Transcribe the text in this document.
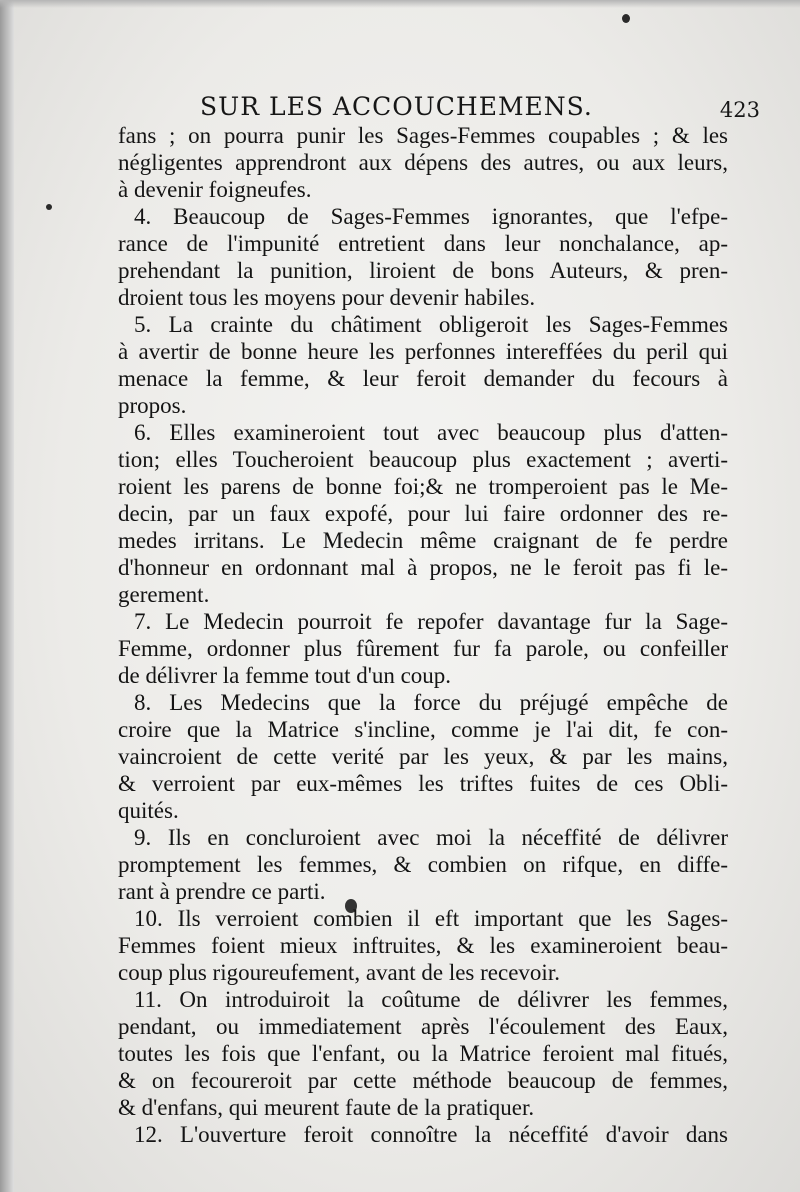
SUR LES ACCOUCHEMENS.	423
fans ; on pourra punir les Sages-Femmes coupables ; & les
négligentes apprendront aux dépens des autres, ou aux leurs,
à devenir foigneufes.
4. Beaucoup de Sages-Femmes ignorantes, que l'efpe-
rance de l'impunité entretient dans leur nonchalance, ap-
prehendant la punition, liroient de bons Auteurs, & pren-
droient tous les moyens pour devenir habiles.
5. La crainte du châtiment obligeroit les Sages-Femmes
à avertir de bonne heure les perfonnes intereffées du peril qui
menace la femme, & leur feroit demander du fecours à
propos.
6. Elles examineroient tout avec beaucoup plus d'atten-
tion; elles Toucheroient beaucoup plus exactement ; averti-
roient les parens de bonne foi;& ne tromperoient pas le Me-
decin, par un faux expofé, pour lui faire ordonner des re-
medes irritans. Le Medecin même craignant de fe perdre
d'honneur en ordonnant mal à propos, ne le feroit pas fi le-
gerement.
7. Le Medecin pourroit fe repofer davantage fur la Sage-
Femme, ordonner plus fûrement fur fa parole, ou confeiller
de délivrer la femme tout d'un coup.
8. Les Medecins que la force du préjugé empêche de
croire que la Matrice s'incline, comme je l'ai dit, fe con-
vaincroient de cette verité par les yeux, & par les mains,
& verroient par eux-mêmes les triftes fuites de ces Obli-
quités.
9. Ils en concluroient avec moi la néceffité de délivrer
promptement les femmes, & combien on rifque, en diffe-
rant à prendre ce parti.
10. Ils verroient combien il eft important que les Sages-
Femmes foient mieux inftruites, & les examineroient beau-
coup plus rigoureufement, avant de les recevoir.
11. On introduiroit la coûtume de délivrer les femmes,
pendant, ou immediatement après l'écoulement des Eaux,
toutes les fois que l'enfant, ou la Matrice feroient mal fitués,
& on fecoureroit par cette méthode beaucoup de femmes,
& d'enfans, qui meurent faute de la pratiquer.
12. L'ouverture feroit connoître la néceffité d'avoir dans
